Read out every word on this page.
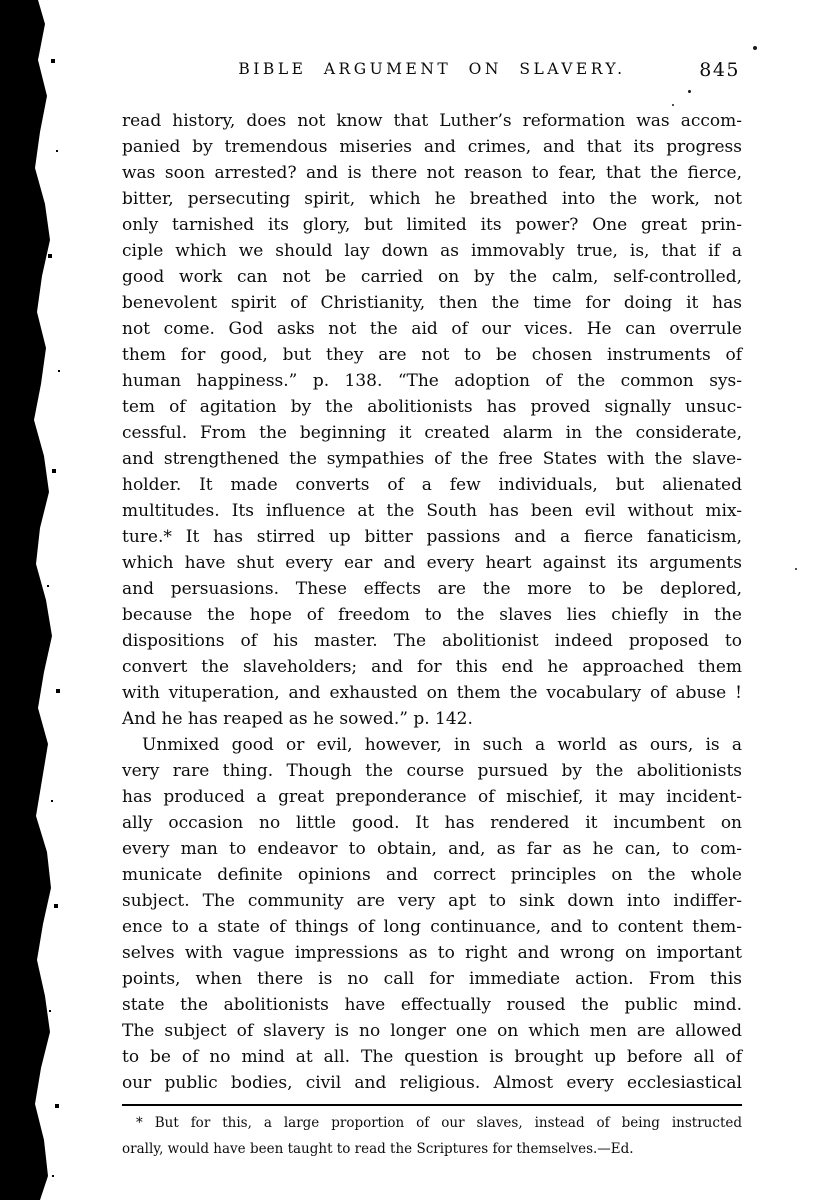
BIBLE ARGUMENT ON SLAVERY.	845
read history, does not know that Luther’s reformation was accom-
panied by tremendous miseries and crimes, and that its progress
was soon arrested? and is there not reason to fear, that the fierce,
bitter, persecuting spirit, which he breathed into the work, not
only tarnished its glory, but limited its power? One great prin-
ciple which we should lay down as immovably true, is, that if a
good work can not be carried on by the calm, self-controlled,
benevolent spirit of Christianity, then the time for doing it has
not come. God asks not the aid of our vices. He can overrule
them for good, but they are not to be chosen instruments of
human happiness.” p. 138. “The adoption of the common sys-
tem of agitation by the abolitionists has proved signally unsuc-
cessful. From the beginning it created alarm in the considerate,
and strengthened the sympathies of the free States with the slave-
holder. It made converts of a few individuals, but alienated
multitudes. Its influence at the South has been evil without mix-
ture.* It has stirred up bitter passions and a fierce fanaticism,
which have shut every ear and every heart against its arguments
and persuasions. These effects are the more to be deplored,
because the hope of freedom to the slaves lies chiefly in the
dispositions of his master. The abolitionist indeed proposed to
convert the slaveholders; and for this end he approached them
with vituperation, and exhausted on them the vocabulary of abuse !
And he has reaped as he sowed.” p. 142.
Unmixed good or evil, however, in such a world as ours, is a
very rare thing. Though the course pursued by the abolitionists
has produced a great preponderance of mischief, it may incident-
ally occasion no little good. It has rendered it incumbent on
every man to endeavor to obtain, and, as far as he can, to com-
municate definite opinions and correct principles on the whole
subject. The community are very apt to sink down into indiffer-
ence to a state of things of long continuance, and to content them-
selves with vague impressions as to right and wrong on important
points, when there is no call for immediate action. From this
state the abolitionists have effectually roused the public mind.
The subject of slavery is no longer one on which men are allowed
to be of no mind at all. The question is brought up before all of
our public bodies, civil and religious. Almost every ecclesiastical
* But for this, a large proportion of our slaves, instead of being instructed
orally, would have been taught to read the Scriptures for themselves.—Ed.
